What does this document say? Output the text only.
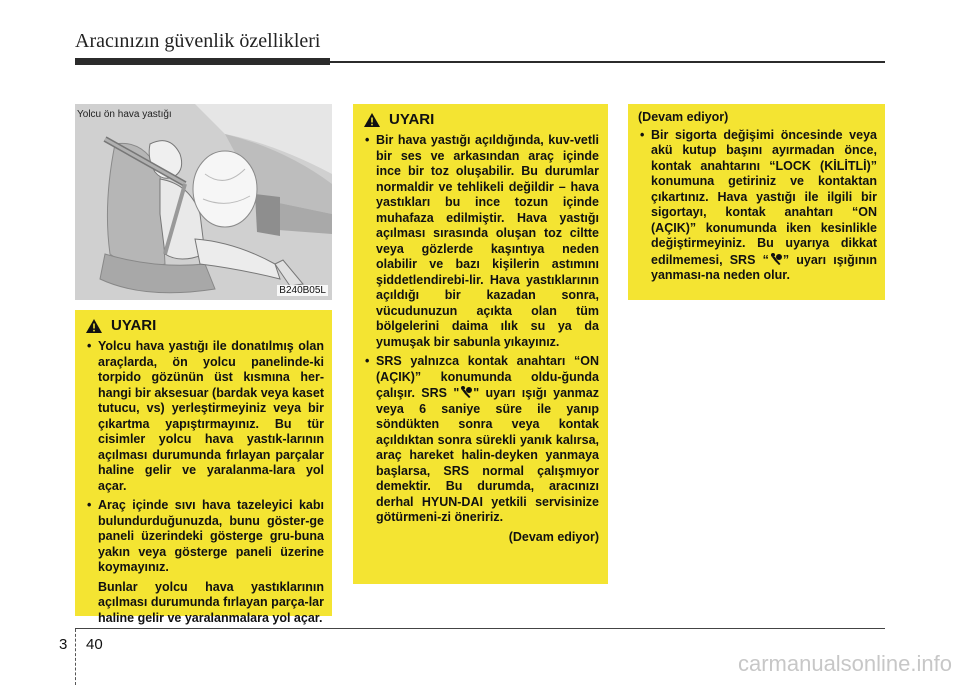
Aracınızın güvenlik özellikleri
B240B05L
Yolcu ön hava yastığı
UYARI
• Yolcu hava yastığı ile donatılmış olan araçlarda, ön yolcu panelinde-ki torpido gözünün üst kısmına her-hangi bir aksesuar (bardak veya kaset tutucu, vs) yerleştirmeyiniz veya bir çıkartma yapıştırmayınız. Bu tür cisimler yolcu hava yastık-larının açılması durumunda fırlayan parçalar haline gelir ve yaralanma-lara yol açar.
• Araç içinde sıvı hava tazeleyici kabı bulundurduğunuzda, bunu göster-ge paneli üzerindeki gösterge gru-buna yakın veya gösterge paneli üzerine koymayınız.
Bunlar yolcu hava yastıklarının açılması durumunda fırlayan parça-lar haline gelir ve yaralanmalara yol açar.
UYARI
• Bir hava yastığı açıldığında, kuv-vetli bir ses ve arkasından araç içinde ince bir toz oluşabilir. Bu durumlar normaldir ve tehlikeli değildir – hava yastıkları bu ince tozun içinde muhafaza edilmiştir. Hava yastığı açılması sırasında oluşan toz ciltte veya gözlerde kaşıntıya neden olabilir ve bazı kişilerin astımını şiddetlendirebi-lir. Hava yastıklarının açıldığı bir kazadan sonra, vücudunuzun açıkta olan tüm bölgelerini daima ılık su ya da yumuşak bir sabunla yıkayınız.
• SRS yalnızca kontak anahtarı “ON (AÇIK)” konumunda oldu-ğunda çalışır. SRS " " uyarı ışığı yanmaz veya 6 saniye süre ile yanıp söndükten sonra veya kontak açıldıktan sonra sürekli yanık kalırsa, araç hareket halin-deyken yanmaya başlarsa, SRS normal çalışmıyor demektir. Bu durumda, aracınızı derhal HYUN-DAI yetkili servisinize götürmeni-zi öneririz.
(Devam ediyor)
(Devam ediyor)
• Bir sigorta değişimi öncesinde veya akü kutup başını ayırmadan önce, kontak anahtarını “LOCK (KİLİTLİ)” konumuna getiriniz ve kontaktan çıkartınız. Hava yastığı ile ilgili bir sigortayı, kontak anahtarı “ON (AÇIK)” konumunda iken kesinlikle değiştirmeyiniz. Bu uyarıya dikkat edilmemesi, SRS “ ” uyarı ışığının yanması-na neden olur.
3 40
carmanualsonline.info
